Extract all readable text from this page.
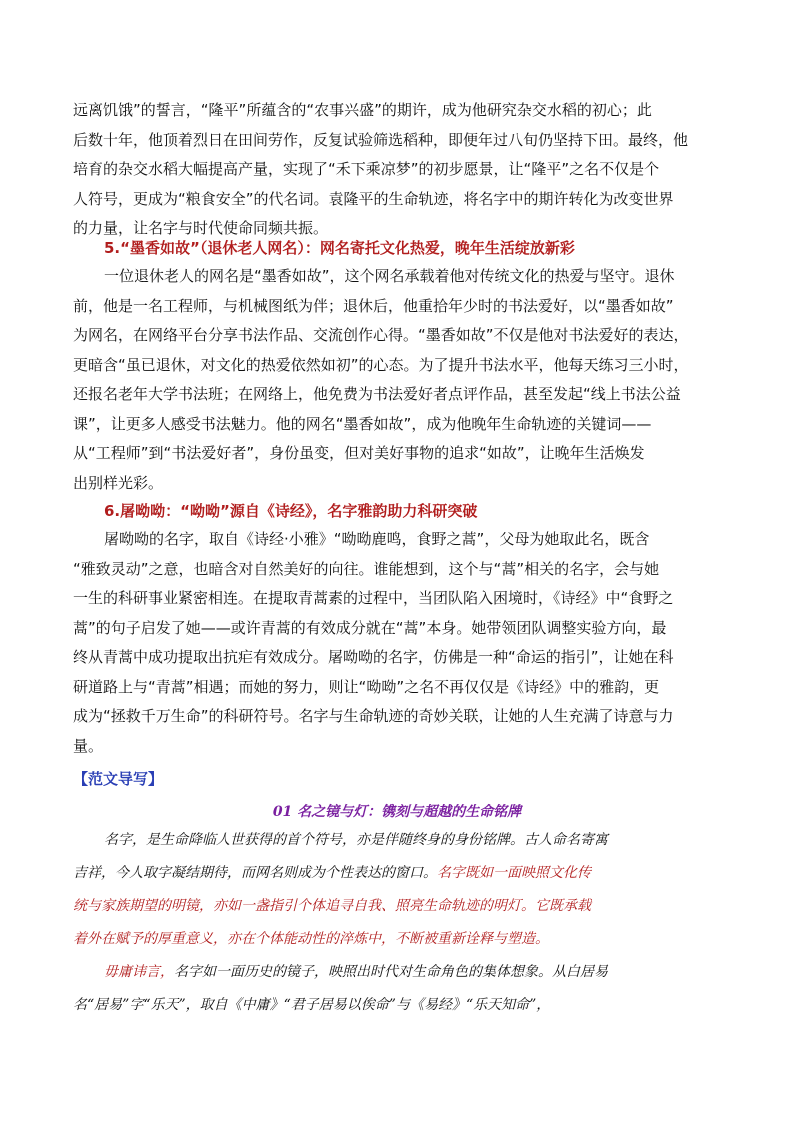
远离饥饿”的誓言，“隆平”所蕴含的“农事兴盛”的期许，成为他研究杂交水稻的初心；此
后数十年，他顶着烈日在田间劳作，反复试验筛选稻种，即便年过八旬仍坚持下田。最终，他
培育的杂交水稻大幅提高产量，实现了“禾下乘凉梦”的初步愿景，让“隆平”之名不仅是个
人符号，更成为“粮食安全”的代名词。袁隆平的生命轨迹，将名字中的期许转化为改变世界
的力量，让名字与时代使命同频共振。

5.“墨香如故”（退休老人网名）：网名寄托文化热爱，晚年生活绽放新彩

一位退休老人的网名是“墨香如故”，这个网名承载着他对传统文化的热爱与坚守。退休
前，他是一名工程师，与机械图纸为伴；退休后，他重拾年少时的书法爱好，以“墨香如故”
为网名，在网络平台分享书法作品、交流创作心得。“墨香如故”不仅是他对书法爱好的表达，
更暗含“虽已退休，对文化的热爱依然如初”的心态。为了提升书法水平，他每天练习三小时，
还报名老年大学书法班；在网络上，他免费为书法爱好者点评作品，甚至发起“线上书法公益
课”，让更多人感受书法魅力。他的网名“墨香如故”，成为他晚年生命轨迹的关键词——
从“工程师”到“书法爱好者”，身份虽变，但对美好事物的追求“如故”，让晚年生活焕发
出别样光彩。

6.屠呦呦：“呦呦”源自《诗经》，名字雅韵助力科研突破

屠呦呦的名字，取自《诗经·小雅》“呦呦鹿鸣，食野之蒿”，父母为她取此名，既含
“雅致灵动”之意，也暗含对自然美好的向往。谁能想到，这个与“蒿”相关的名字，会与她
一生的科研事业紧密相连。在提取青蒿素的过程中，当团队陷入困境时，《诗经》中“食野之
蒿”的句子启发了她——或许青蒿的有效成分就在“蒿”本身。她带领团队调整实验方向，最
终从青蒿中成功提取出抗疟有效成分。屠呦呦的名字，仿佛是一种“命运的指引”，让她在科
研道路上与“青蒿”相遇；而她的努力，则让“呦呦”之名不再仅仅是《诗经》中的雅韵，更
成为“拯救千万生命”的科研符号。名字与生命轨迹的奇妙关联，让她的人生充满了诗意与力
量。

【范文导写】

01 名之镜与灯：镌刻与超越的生命铭牌

名字，是生命降临人世获得的首个符号，亦是伴随终身的身份铭牌。古人命名寄寓
吉祥，今人取字凝结期待，而网名则成为个性表达的窗口。名字既如一面映照文化传
统与家族期望的明镜，亦如一盏指引个体追寻自我、照亮生命轨迹的明灯。它既承载
着外在赋予的厚重意义，亦在个体能动性的淬炼中，不断被重新诠释与塑造。
毋庸讳言，名字如一面历史的镜子，映照出时代对生命角色的集体想象。从白居易
名“居易”字“乐天”，取自《中庸》“君子居易以俟命”与《易经》“乐天知命”，
